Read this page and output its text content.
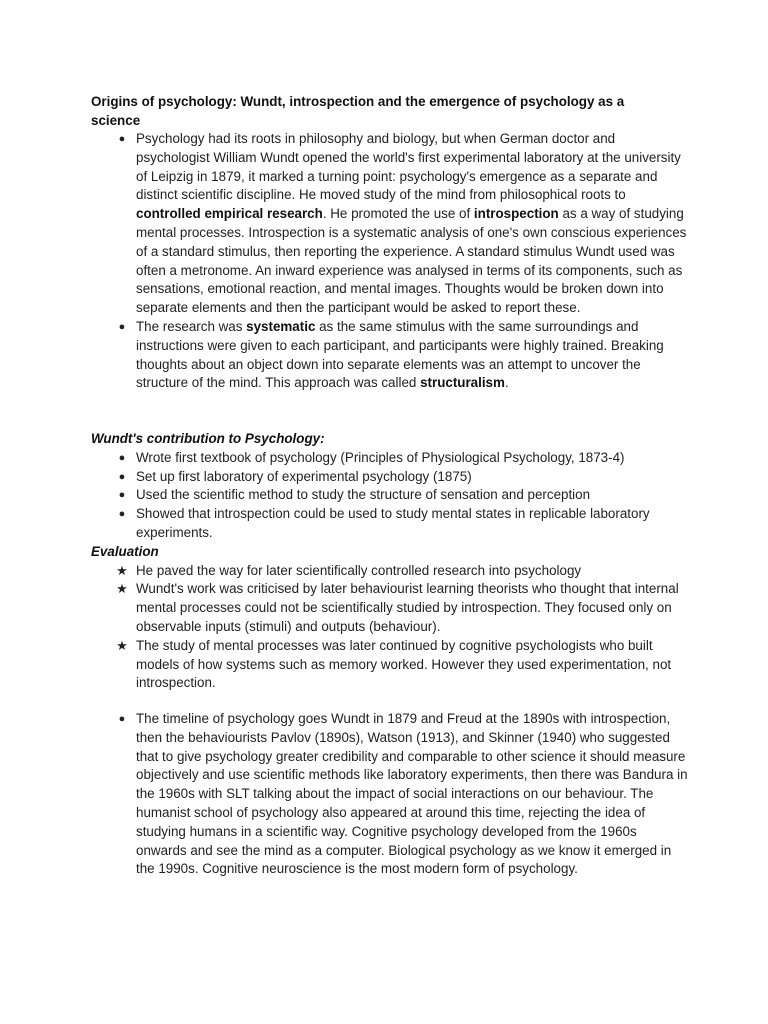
Origins of psychology: Wundt, introspection and the emergence of psychology as a science
● Psychology had its roots in philosophy and biology, but when German doctor and psychologist William Wundt opened the world's first experimental laboratory at the university of Leipzig in 1879, it marked a turning point: psychology's emergence as a separate and distinct scientific discipline. He moved study of the mind from philosophical roots to controlled empirical research. He promoted the use of introspection as a way of studying mental processes. Introspection is a systematic analysis of one's own conscious experiences of a standard stimulus, then reporting the experience. A standard stimulus Wundt used was often a metronome. An inward experience was analysed in terms of its components, such as sensations, emotional reaction, and mental images. Thoughts would be broken down into separate elements and then the participant would be asked to report these.
● The research was systematic as the same stimulus with the same surroundings and instructions were given to each participant, and participants were highly trained. Breaking thoughts about an object down into separate elements was an attempt to uncover the structure of the mind. This approach was called structuralism.
Wundt's contribution to Psychology:
● Wrote first textbook of psychology (Principles of Physiological Psychology, 1873-4)
● Set up first laboratory of experimental psychology (1875)
● Used the scientific method to study the structure of sensation and perception
● Showed that introspection could be used to study mental states in replicable laboratory experiments.
Evaluation
★ He paved the way for later scientifically controlled research into psychology
★ Wundt's work was criticised by later behaviourist learning theorists who thought that internal mental processes could not be scientifically studied by introspection. They focused only on observable inputs (stimuli) and outputs (behaviour).
★ The study of mental processes was later continued by cognitive psychologists who built models of how systems such as memory worked. However they used experimentation, not introspection.
● The timeline of psychology goes Wundt in 1879 and Freud at the 1890s with introspection, then the behaviourists Pavlov (1890s), Watson (1913), and Skinner (1940) who suggested that to give psychology greater credibility and comparable to other science it should measure objectively and use scientific methods like laboratory experiments, then there was Bandura in the 1960s with SLT talking about the impact of social interactions on our behaviour. The humanist school of psychology also appeared at around this time, rejecting the idea of studying humans in a scientific way. Cognitive psychology developed from the 1960s onwards and see the mind as a computer. Biological psychology as we know it emerged in the 1990s. Cognitive neuroscience is the most modern form of psychology.
